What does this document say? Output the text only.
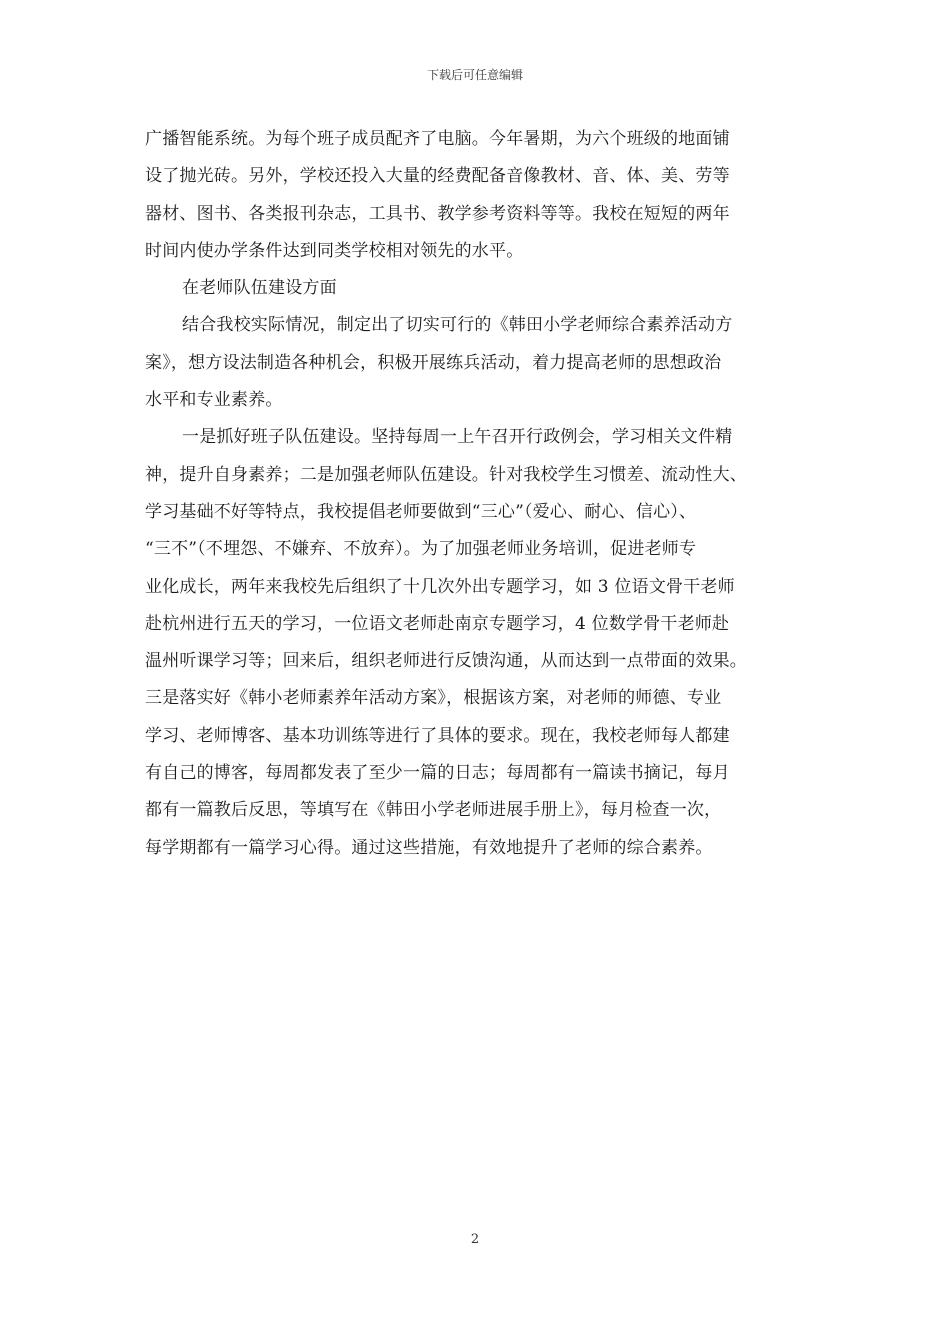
下载后可任意编辑
广播智能系统。为每个班子成员配齐了电脑。今年暑期，为六个班级的地面铺
设了抛光砖。另外，学校还投入大量的经费配备音像教材、音、体、美、劳等
器材、图书、各类报刊杂志，工具书、教学参考资料等等。我校在短短的两年
时间内使办学条件达到同类学校相对领先的水平。
在老师队伍建设方面
结合我校实际情况，制定出了切实可行的《韩田小学老师综合素养活动方
案》，想方设法制造各种机会，积极开展练兵活动，着力提高老师的思想政治
水平和专业素养。
一是抓好班子队伍建设。坚持每周一上午召开行政例会，学习相关文件精
神，提升自身素养；二是加强老师队伍建设。针对我校学生习惯差、流动性大、
学习基础不好等特点，我校提倡老师要做到“三心”（爱心、耐心、信心）、
“三不”（不埋怨、不嫌弃、不放弃）。为了加强老师业务培训，促进老师专
业化成长，两年来我校先后组织了十几次外出专题学习，如 3 位语文骨干老师
赴杭州进行五天的学习，一位语文老师赴南京专题学习，4 位数学骨干老师赴
温州听课学习等；回来后，组织老师进行反馈沟通，从而达到一点带面的效果。
三是落实好《韩小老师素养年活动方案》，根据该方案，对老师的师德、专业
学习、老师博客、基本功训练等进行了具体的要求。现在，我校老师每人都建
有自己的博客，每周都发表了至少一篇的日志；每周都有一篇读书摘记，每月
都有一篇教后反思，等填写在《韩田小学老师进展手册上》，每月检查一次，
每学期都有一篇学习心得。通过这些措施，有效地提升了老师的综合素养。
2
